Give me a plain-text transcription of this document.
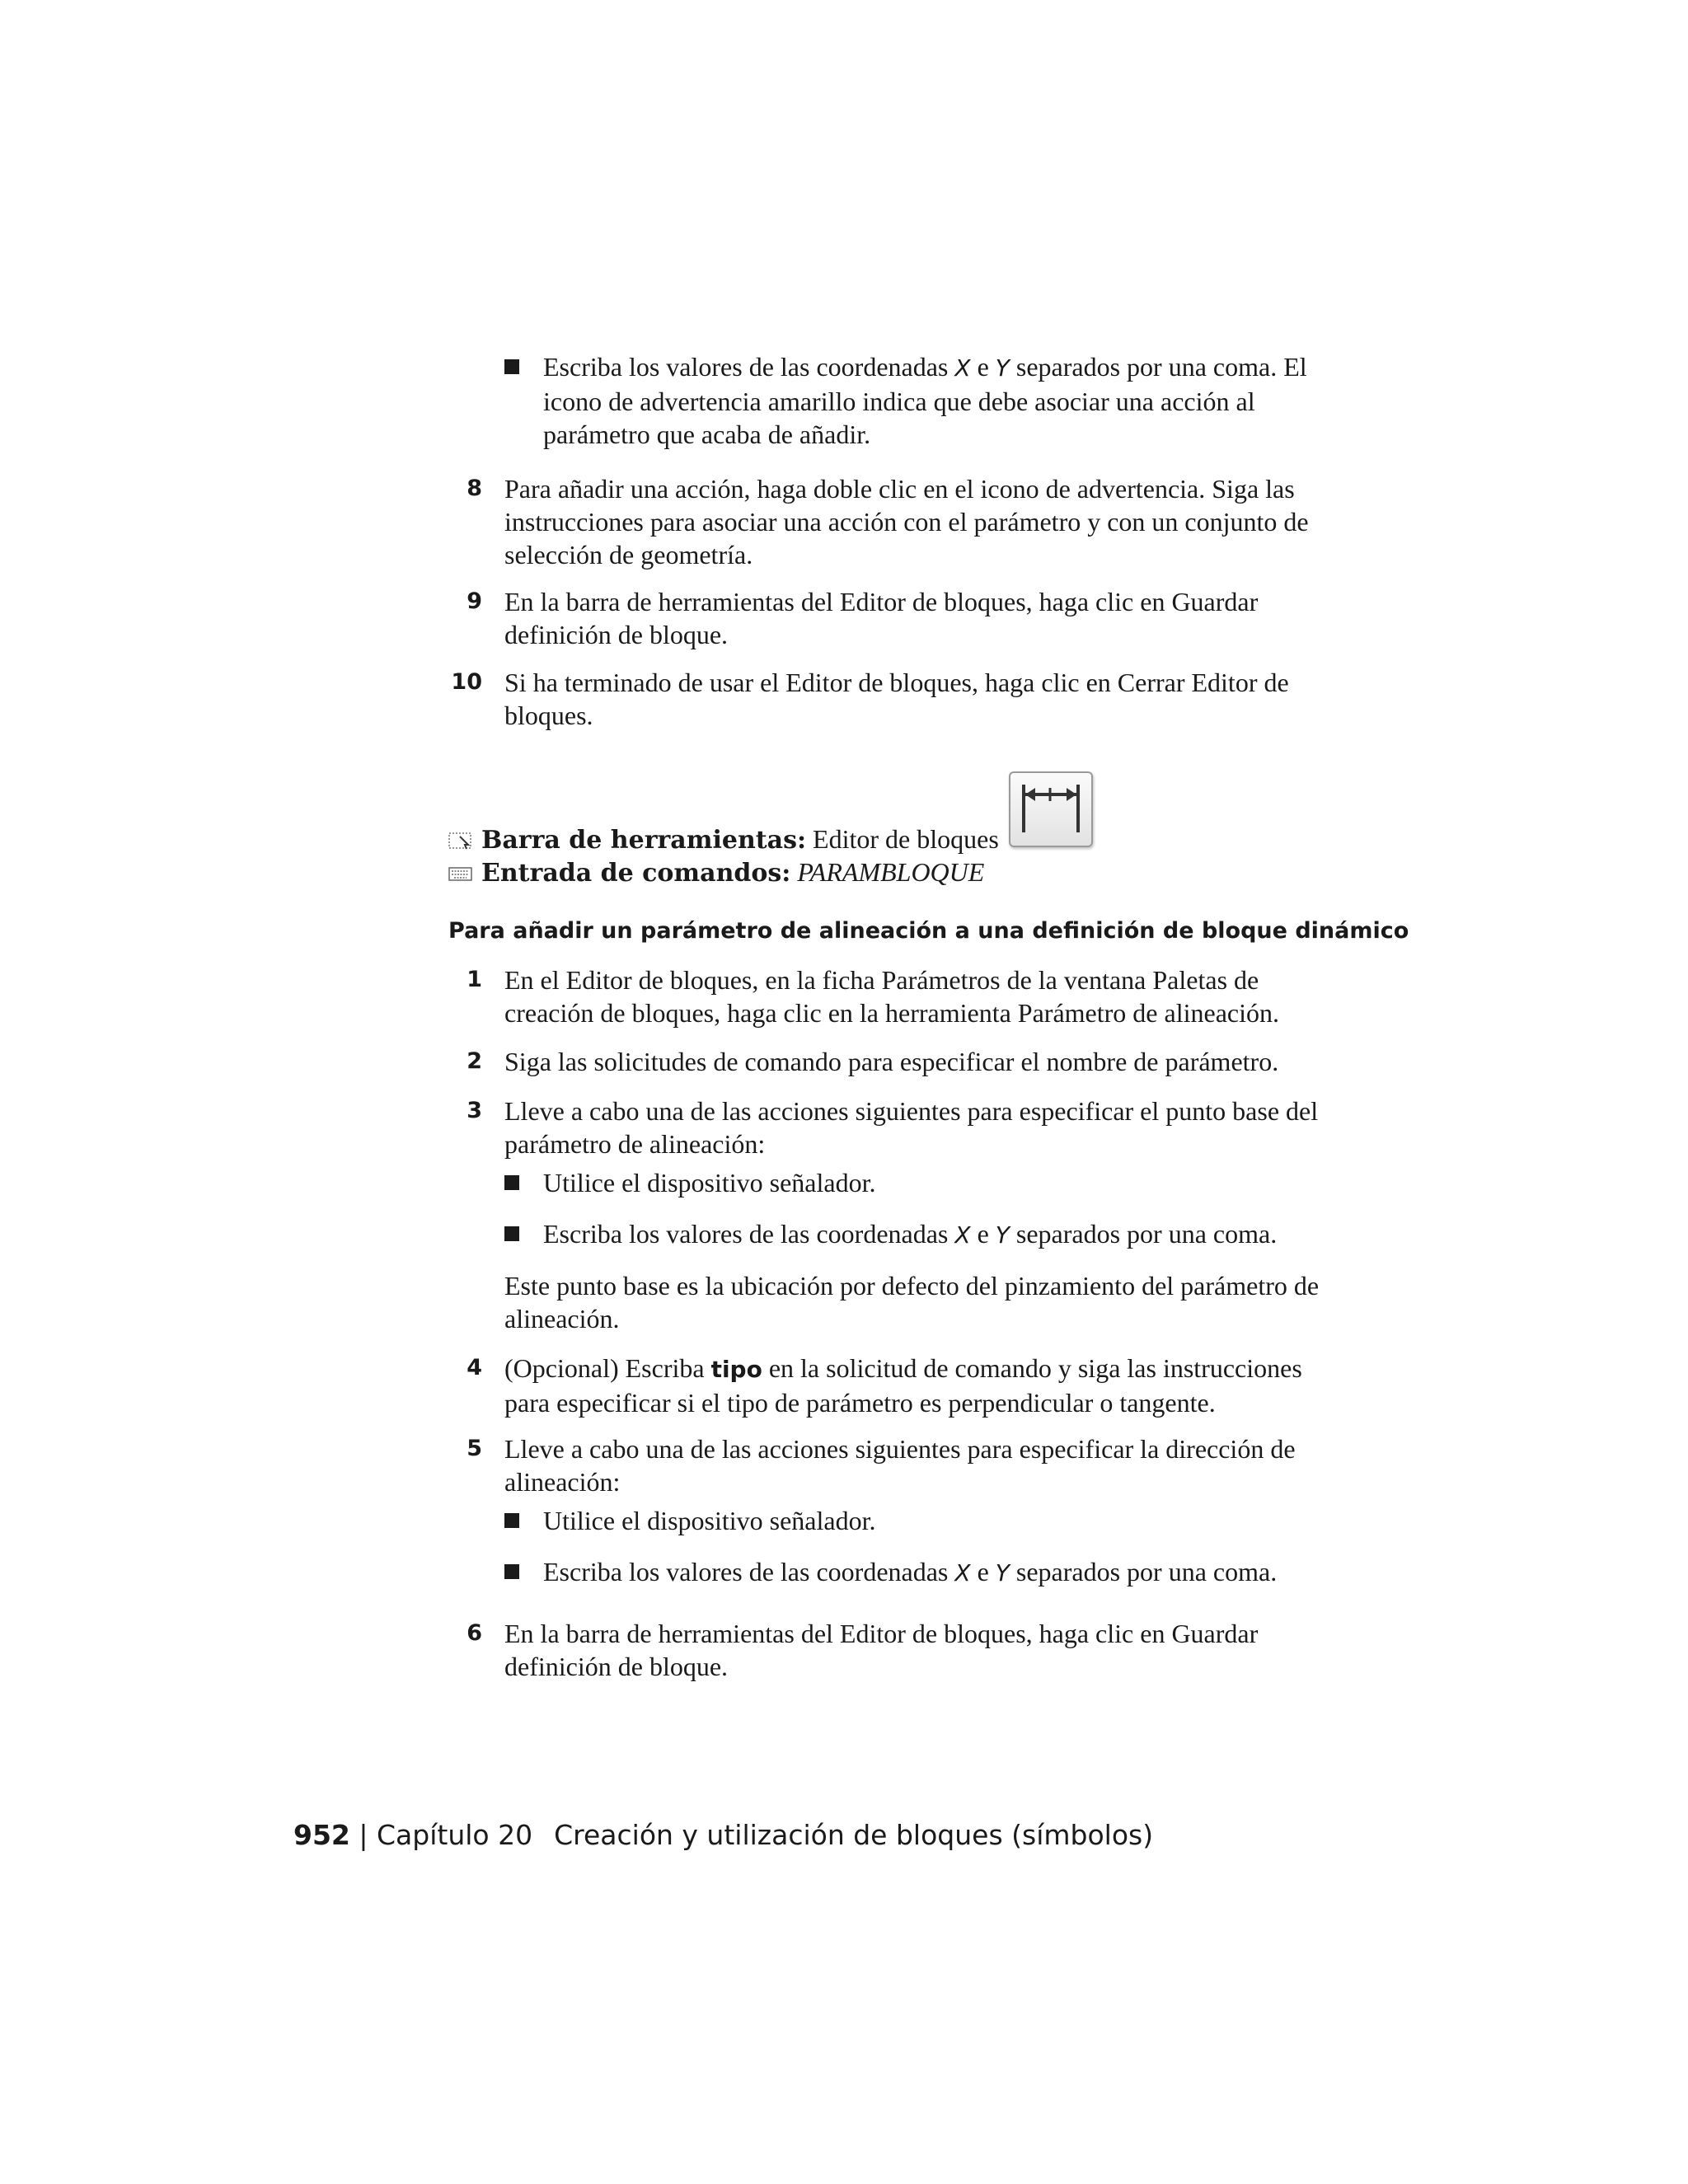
Escriba los valores de las coordenadas X e Y separados por una coma. El icono de advertencia amarillo indica que debe asociar una acción al parámetro que acaba de añadir.
8 Para añadir una acción, haga doble clic en el icono de advertencia. Siga las instrucciones para asociar una acción con el parámetro y con un conjunto de selección de geometría.
9 En la barra de herramientas del Editor de bloques, haga clic en Guardar definición de bloque.
10 Si ha terminado de usar el Editor de bloques, haga clic en Cerrar Editor de bloques.
Barra de herramientas: Editor de bloques
Entrada de comandos: PARAMBLOQUE
Para añadir un parámetro de alineación a una definición de bloque dinámico
1 En el Editor de bloques, en la ficha Parámetros de la ventana Paletas de creación de bloques, haga clic en la herramienta Parámetro de alineación.
2 Siga las solicitudes de comando para especificar el nombre de parámetro.
3 Lleve a cabo una de las acciones siguientes para especificar el punto base del parámetro de alineación:
Utilice el dispositivo señalador.
Escriba los valores de las coordenadas X e Y separados por una coma.
Este punto base es la ubicación por defecto del pinzamiento del parámetro de alineación.
4 (Opcional) Escriba tipo en la solicitud de comando y siga las instrucciones para especificar si el tipo de parámetro es perpendicular o tangente.
5 Lleve a cabo una de las acciones siguientes para especificar la dirección de alineación:
Utilice el dispositivo señalador.
Escriba los valores de las coordenadas X e Y separados por una coma.
6 En la barra de herramientas del Editor de bloques, haga clic en Guardar definición de bloque.
952 | Capítulo 20 Creación y utilización de bloques (símbolos)
